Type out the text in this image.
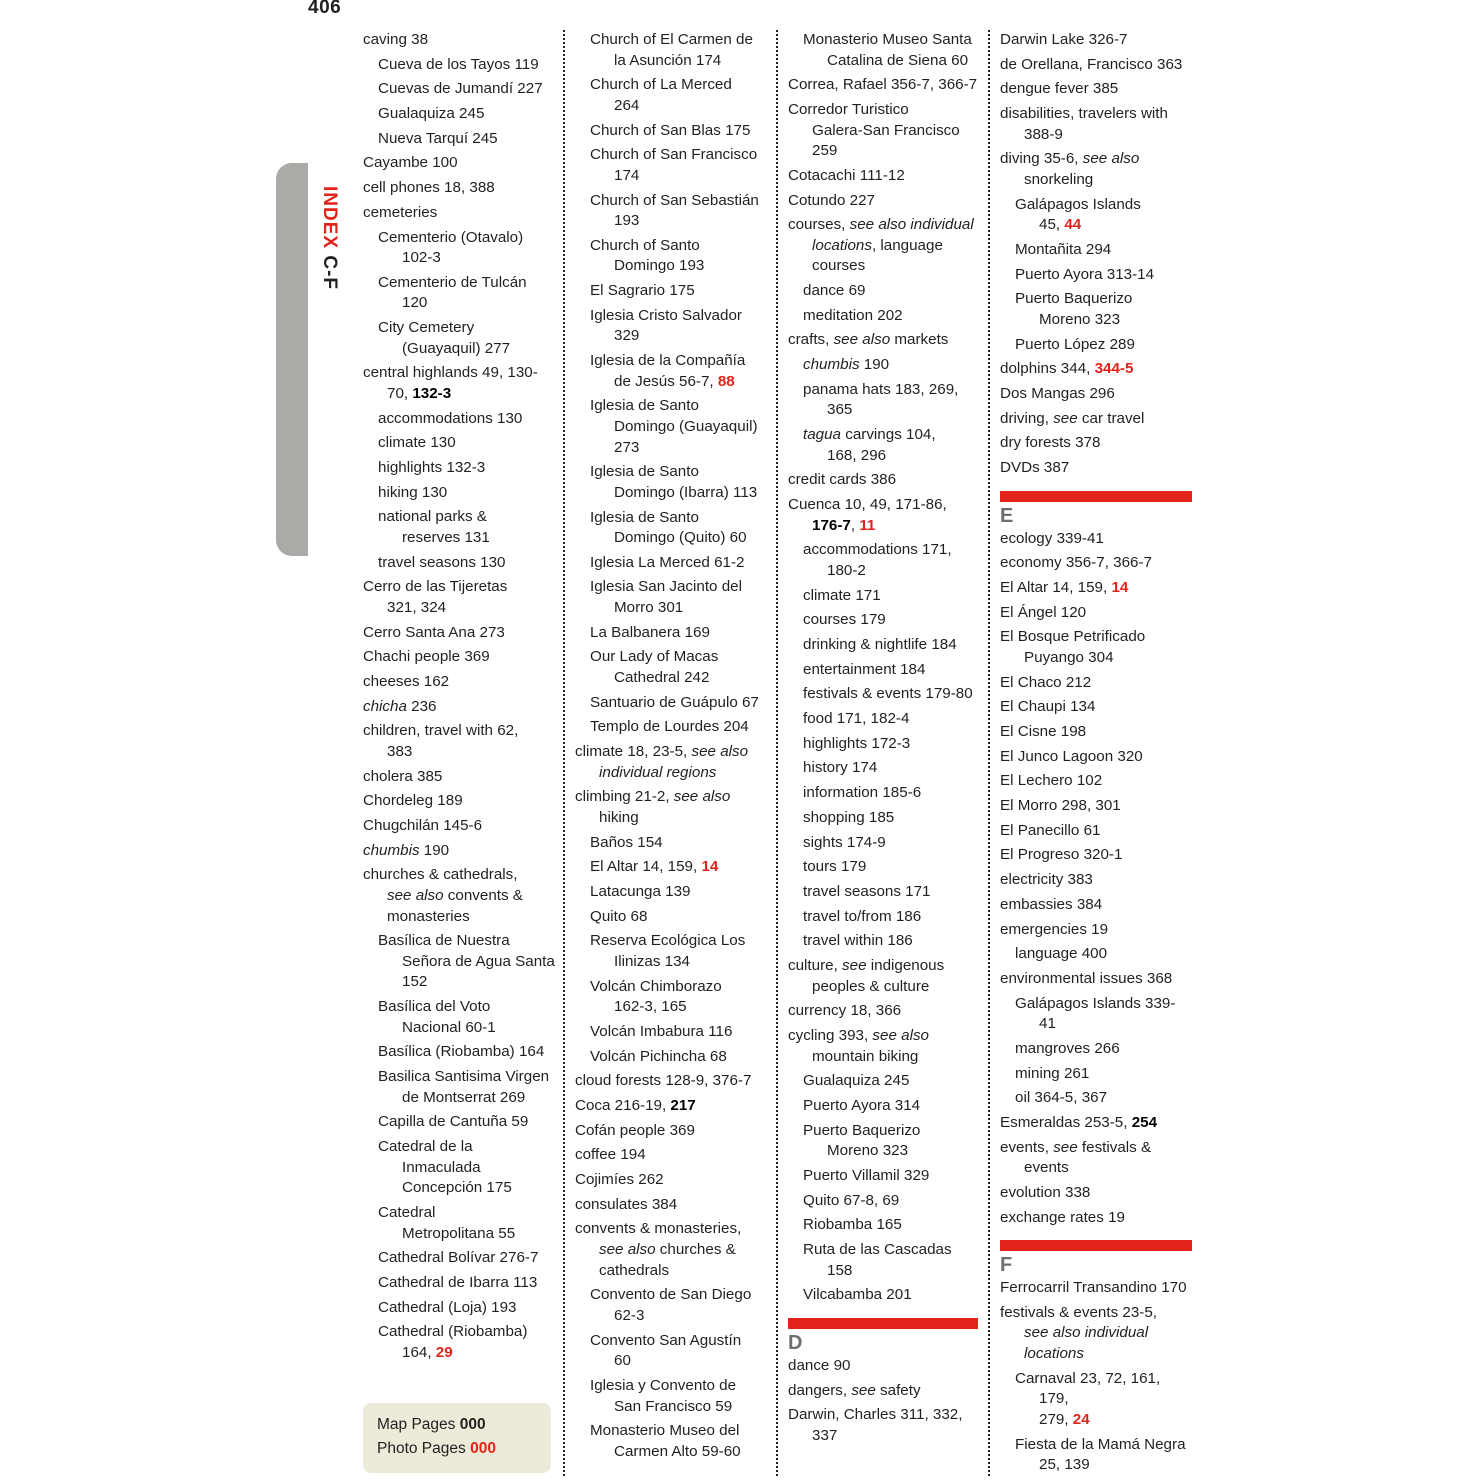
406
INDEX C-F
caving 38
Cueva de los Tayos 119
Cuevas de Jumandí 227
Gualaquiza 245
Nueva Tarquí 245
Cayambe 100
cell phones 18, 388
cemeteries
Cementerio (Otavalo)
102-3
Cementerio de Tulcán
120
City Cemetery
(Guayaquil) 277
central highlands 49, 130-
70, 132-3
accommodations 130
climate 130
highlights 132-3
hiking 130
national parks &
reserves 131
travel seasons 130
Cerro de las Tijeretas
321, 324
Cerro Santa Ana 273
Chachi people 369
cheeses 162
chicha 236
children, travel with 62,
383
cholera 385
Chordeleg 189
Chugchilán 145-6
chumbis 190
churches & cathedrals,
see also convents &
monasteries
Basílica de Nuestra
Señora de Agua Santa
152
Basílica del Voto
Nacional 60-1
Basílica (Riobamba) 164
Basilica Santisima Virgen
de Montserrat 269
Capilla de Cantuña 59
Catedral de la
Inmaculada
Concepción 175
Catedral
Metropolitana 55
Cathedral Bolívar 276-7
Cathedral de Ibarra 113
Cathedral (Loja) 193
Cathedral (Riobamba)
164, 29
Church of El Carmen de
la Asunción 174
Church of La Merced
264
Church of San Blas 175
Church of San Francisco
174
Church of San Sebastián
193
Church of Santo
Domingo 193
El Sagrario 175
Iglesia Cristo Salvador
329
Iglesia de la Compañía
de Jesús 56-7, 88
Iglesia de Santo
Domingo (Guayaquil)
273
Iglesia de Santo
Domingo (Ibarra) 113
Iglesia de Santo
Domingo (Quito) 60
Iglesia La Merced 61-2
Iglesia San Jacinto del
Morro 301
La Balbanera 169
Our Lady of Macas
Cathedral 242
Santuario de Guápulo 67
Templo de Lourdes 204
climate 18, 23-5, see also
individual regions
climbing 21-2, see also
hiking
Baños 154
El Altar 14, 159, 14
Latacunga 139
Quito 68
Reserva Ecológica Los
Ilinizas 134
Volcán Chimborazo
162-3, 165
Volcán Imbabura 116
Volcán Pichincha 68
cloud forests 128-9, 376-7
Coca 216-19, 217
Cofán people 369
coffee 194
Cojimíes 262
consulates 384
convents & monasteries,
see also churches &
cathedrals
Convento de San Diego
62-3
Convento San Agustín
60
Iglesia y Convento de
San Francisco 59
Monasterio Museo del
Carmen Alto 59-60
Monasterio Museo Santa
Catalina de Siena 60
Correa, Rafael 356-7, 366-7
Corredor Turistico
Galera-San Francisco
259
Cotacachi 111-12
Cotundo 227
courses, see also individual
locations, language
courses
dance 69
meditation 202
crafts, see also markets
chumbis 190
panama hats 183, 269,
365
tagua carvings 104,
168, 296
credit cards 386
Cuenca 10, 49, 171-86,
176-7, 11
accommodations 171,
180-2
climate 171
courses 179
drinking & nightlife 184
entertainment 184
festivals & events 179-80
food 171, 182-4
highlights 172-3
history 174
information 185-6
shopping 185
sights 174-9
tours 179
travel seasons 171
travel to/from 186
travel within 186
culture, see indigenous
peoples & culture
currency 18, 366
cycling 393, see also
mountain biking
Gualaquiza 245
Puerto Ayora 314
Puerto Baquerizo
Moreno 323
Puerto Villamil 329
Quito 67-8, 69
Riobamba 165
Ruta de las Cascadas
158
Vilcabamba 201
D
dance 90
dangers, see safety
Darwin, Charles 311, 332,
337
Darwin Lake 326-7
de Orellana, Francisco 363
dengue fever 385
disabilities, travelers with
388-9
diving 35-6, see also
snorkeling
Galápagos Islands
45, 44
Montañita 294
Puerto Ayora 313-14
Puerto Baquerizo
Moreno 323
Puerto López 289
dolphins 344, 344-5
Dos Mangas 296
driving, see car travel
dry forests 378
DVDs 387
E
ecology 339-41
economy 356-7, 366-7
El Altar 14, 159, 14
El Ángel 120
El Bosque Petrificado
Puyango 304
El Chaco 212
El Chaupi 134
El Cisne 198
El Junco Lagoon 320
El Lechero 102
El Morro 298, 301
El Panecillo 61
El Progreso 320-1
electricity 383
embassies 384
emergencies 19
language 400
environmental issues 368
Galápagos Islands 339-41
mangroves 266
mining 261
oil 364-5, 367
Esmeraldas 253-5, 254
events, see festivals &
events
evolution 338
exchange rates 19
F
Ferrocarril Transandino 170
festivals & events 23-5,
see also individual
locations
Carnaval 23, 72, 161, 179,
279, 24
Fiesta de la Mamá Negra
25, 139
Map Pages 000
Photo Pages 000
